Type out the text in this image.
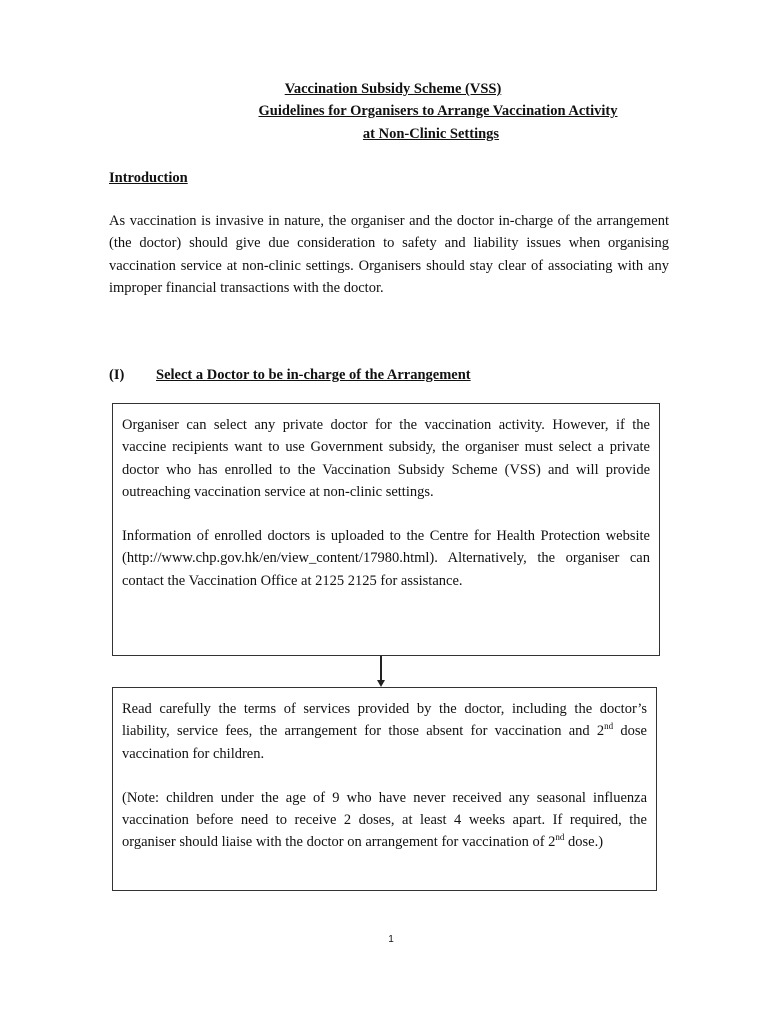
Vaccination Subsidy Scheme (VSS)
Guidelines for Organisers to Arrange Vaccination Activity
at Non-Clinic Settings
Introduction

As vaccination is invasive in nature, the organiser and the doctor in-charge of the arrangement (the doctor) should give due consideration to safety and liability issues when organising vaccination service at non-clinic settings. Organisers should stay clear of associating with any improper financial transactions with the doctor.

(I) Select a Doctor to be in-charge of the Arrangement

Organiser can select any private doctor for the vaccination activity. However, if the vaccine recipients want to use Government subsidy, the organiser must select a private doctor who has enrolled to the Vaccination Subsidy Scheme (VSS) and will provide outreaching vaccination service at non-clinic settings.

Information of enrolled doctors is uploaded to the Centre for Health Protection website (http://www.chp.gov.hk/en/view_content/17980.html). Alternatively, the organiser can contact the Vaccination Office at 2125 2125 for assistance.

Read carefully the terms of services provided by the doctor, including the doctor’s liability, service fees, the arrangement for those absent for vaccination and 2nd dose vaccination for children.

(Note: children under the age of 9 who have never received any seasonal influenza vaccination before need to receive 2 doses, at least 4 weeks apart. If required, the organiser should liaise with the doctor on arrangement for vaccination of 2nd dose.)

1
